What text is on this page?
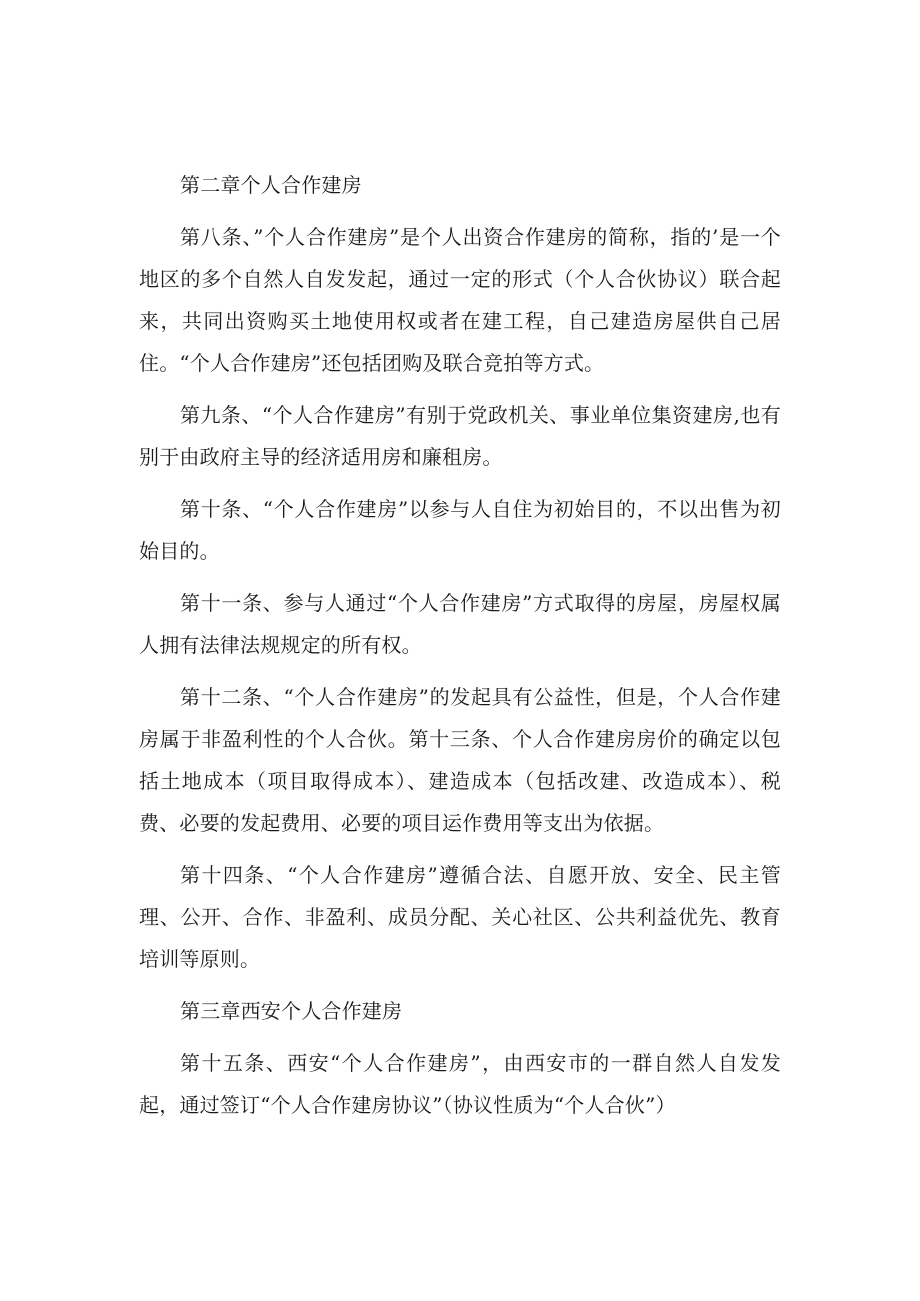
第二章个人合作建房

第八条、”个人合作建房”是个人出资合作建房的简称，指的’是一个地区的多个自然人自发发起，通过一定的形式（个人合伙协议）联合起来，共同出资购买土地使用权或者在建工程，自己建造房屋供自己居住。“个人合作建房”还包括团购及联合竞拍等方式。

第九条、“个人合作建房”有别于党政机关、事业单位集资建房,也有别于由政府主导的经济适用房和廉租房。

第十条、“个人合作建房”以参与人自住为初始目的，不以出售为初始目的。

第十一条、参与人通过“个人合作建房”方式取得的房屋，房屋权属人拥有法律法规规定的所有权。

第十二条、“个人合作建房”的发起具有公益性，但是，个人合作建房属于非盈利性的个人合伙。第十三条、个人合作建房房价的确定以包括土地成本（项目取得成本）、建造成本（包括改建、改造成本）、税费、必要的发起费用、必要的项目运作费用等支出为依据。

第十四条、“个人合作建房”遵循合法、自愿开放、安全、民主管理、公开、合作、非盈利、成员分配、关心社区、公共利益优先、教育培训等原则。

第三章西安个人合作建房

第十五条、西安“个人合作建房”，由西安市的一群自然人自发发起，通过签订“个人合作建房协议”（协议性质为“个人合伙”）
